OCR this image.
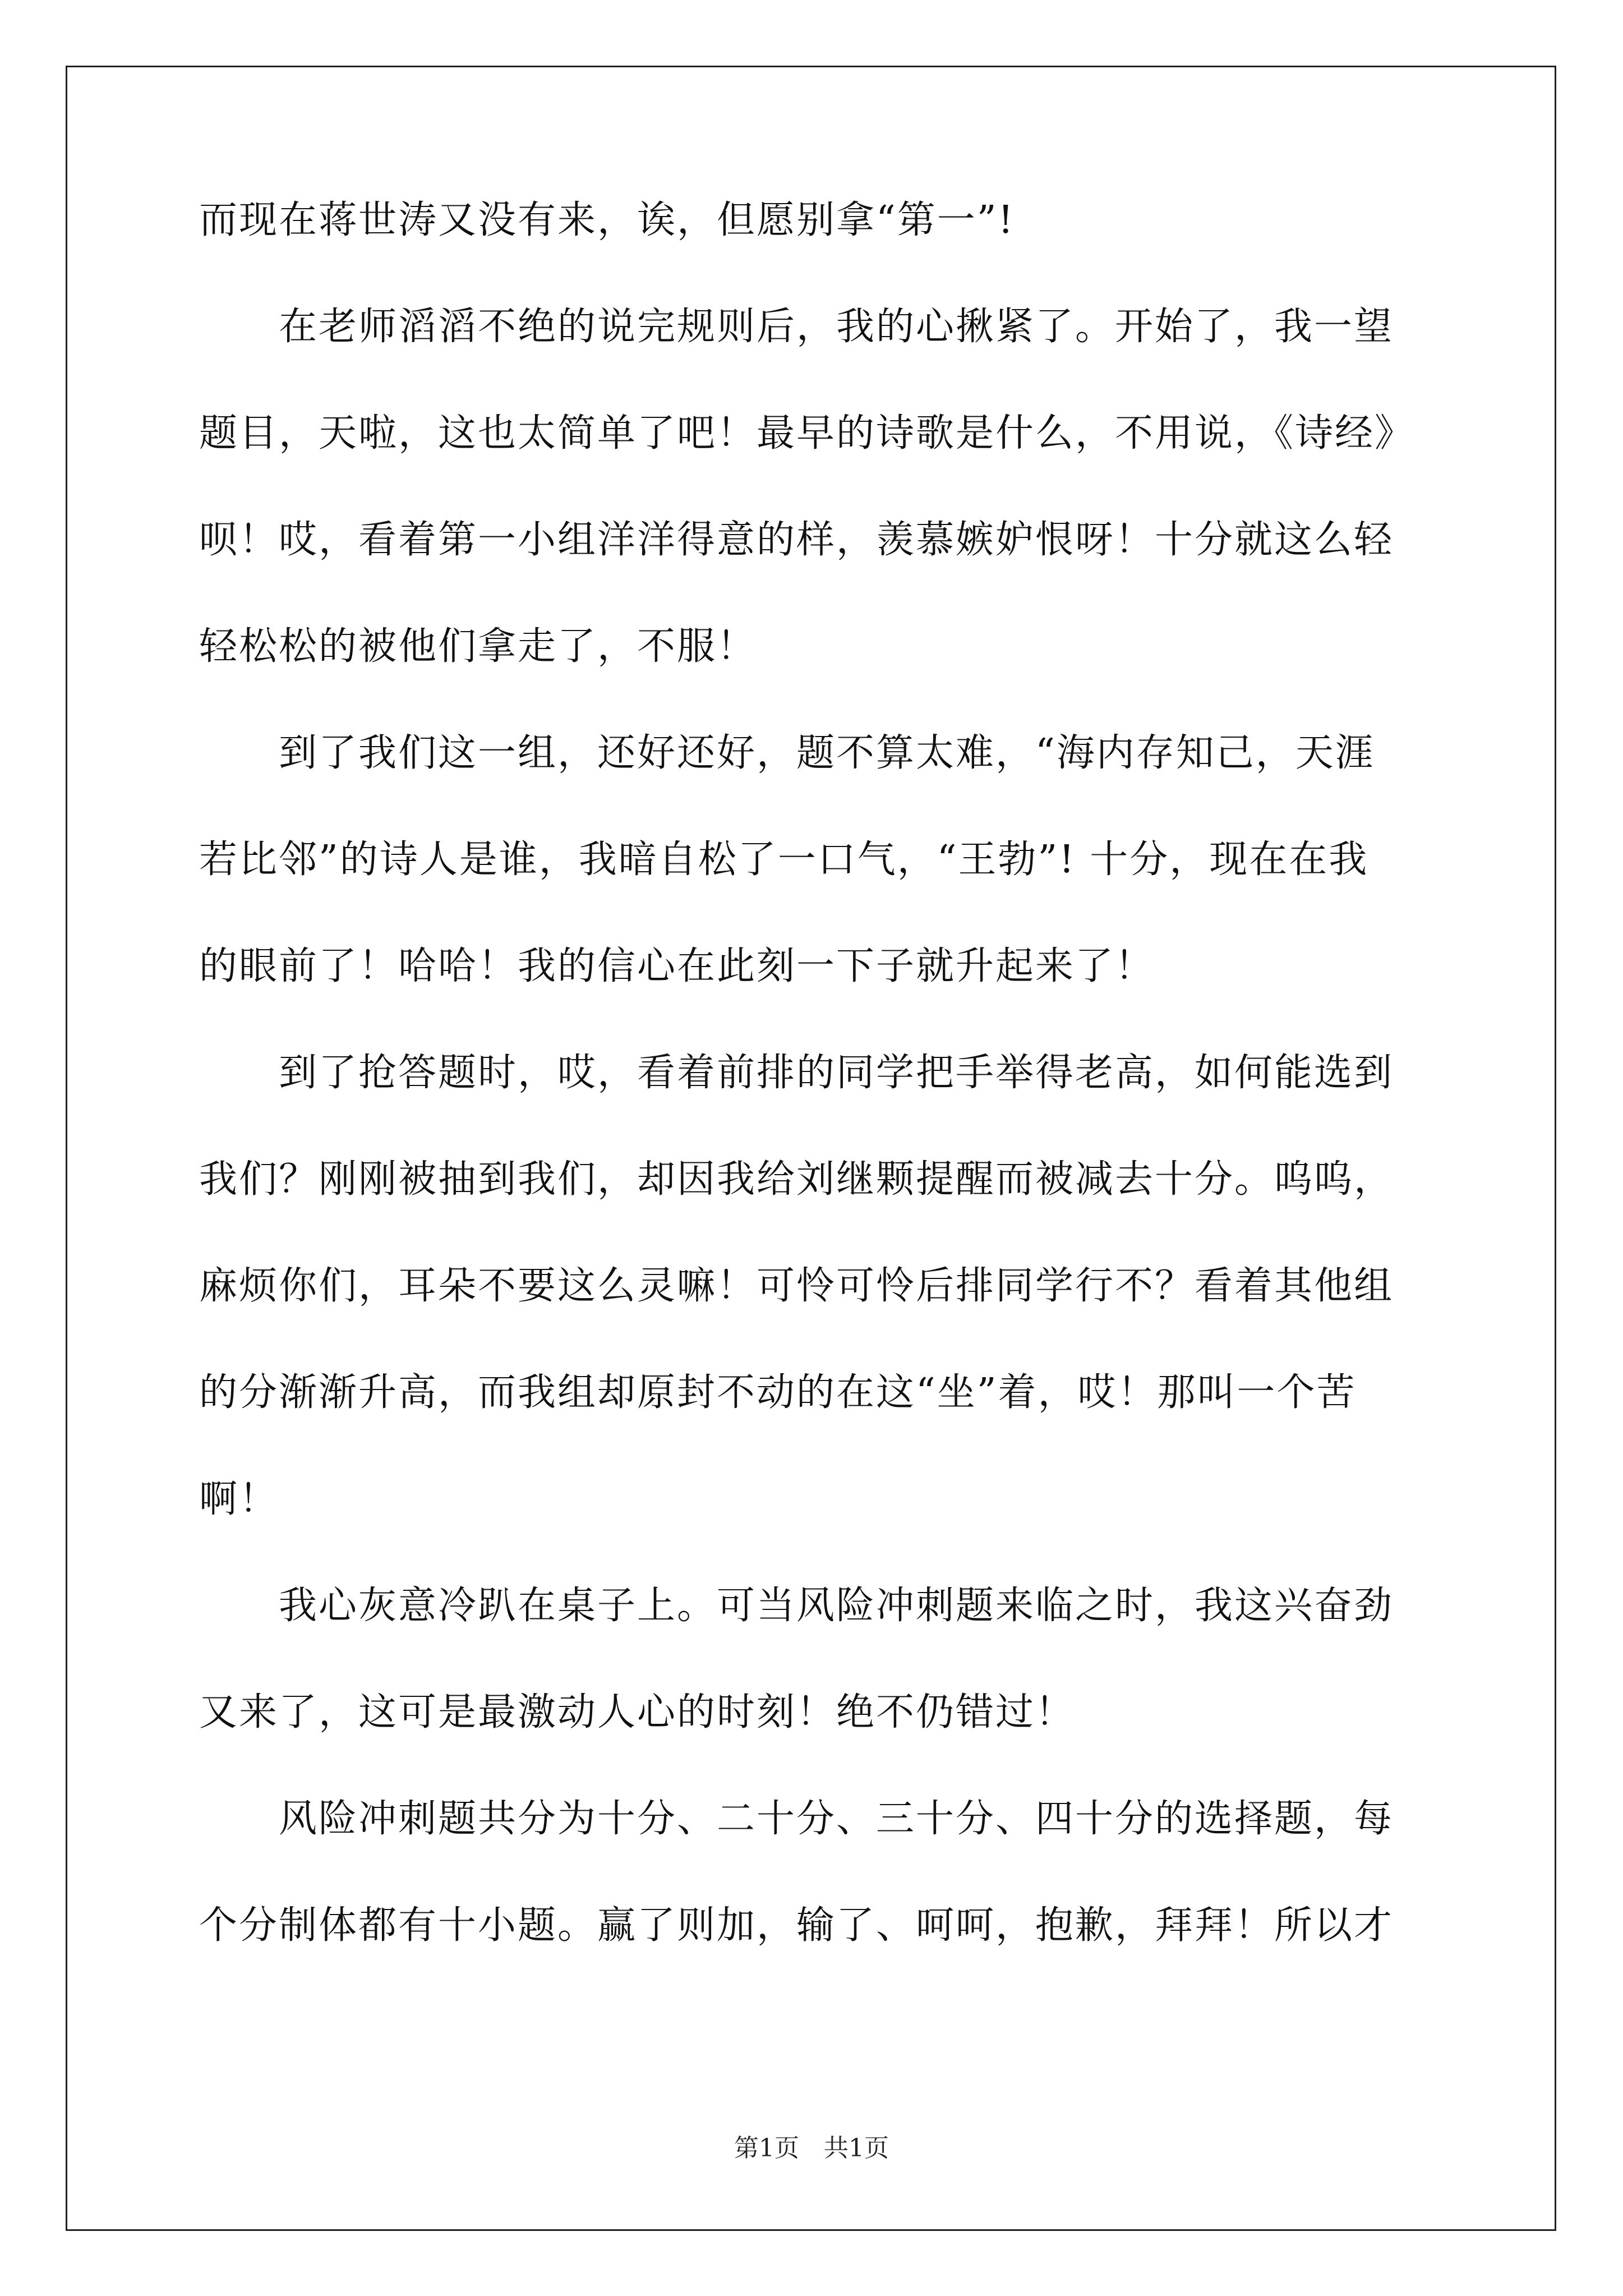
而现在蒋世涛又没有来，诶，但愿别拿“第一”!
　　在老师滔滔不绝的说完规则后，我的心揪紧了。开始了，我一望
题目，天啦，这也太简单了吧！最早的诗歌是什么，不用说，《诗经》
呗！哎，看着第一小组洋洋得意的样，羡慕嫉妒恨呀！十分就这么轻
轻松松的被他们拿走了，不服！
　　到了我们这一组，还好还好，题不算太难，“海内存知己，天涯
若比邻”的诗人是谁，我暗自松了一口气，“王勃”! 十分，现在在我
的眼前了！哈哈！我的信心在此刻一下子就升起来了！
　　到了抢答题时，哎，看着前排的同学把手举得老高，如何能选到
我们？刚刚被抽到我们，却因我给刘继颗提醒而被减去十分。呜呜，
麻烦你们，耳朵不要这么灵嘛！可怜可怜后排同学行不？看着其他组
的分渐渐升高，而我组却原封不动的在这“坐”着，哎！那叫一个苦
啊！
　　我心灰意冷趴在桌子上。可当风险冲刺题来临之时，我这兴奋劲
又来了，这可是最激动人心的时刻！绝不仍错过！
　　风险冲刺题共分为十分、二十分、三十分、四十分的选择题，每
个分制体都有十小题。赢了则加，输了、呵呵，抱歉，拜拜！所以才
第1页　共1页
